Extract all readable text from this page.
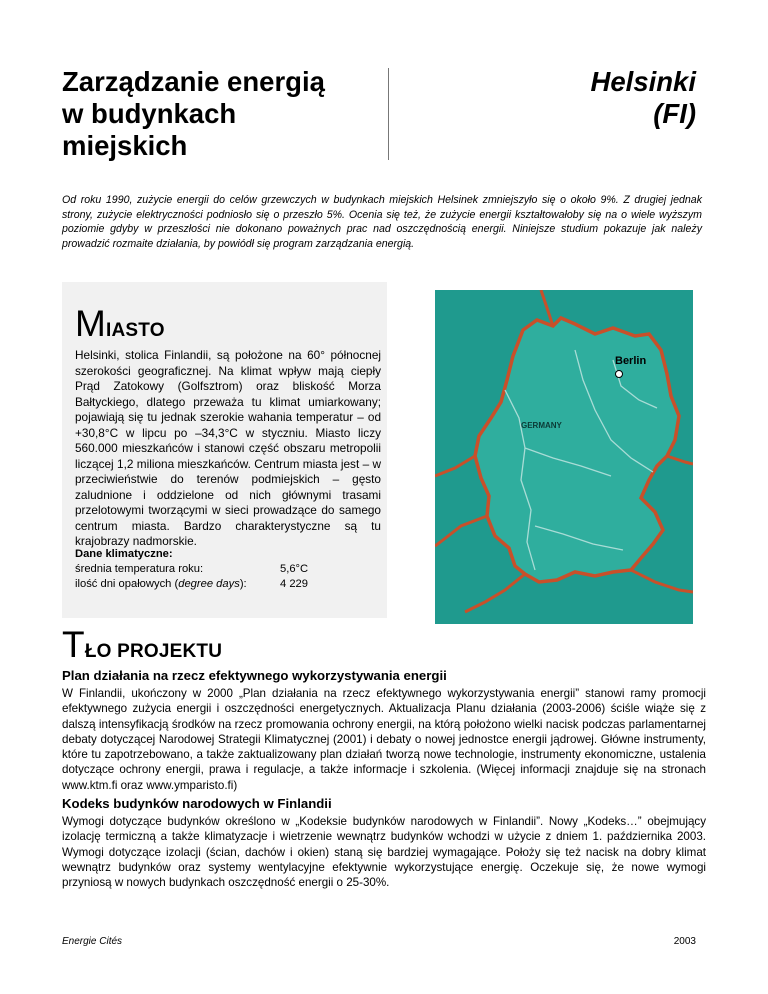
Zarządzanie energią
w budynkach
miejskich
Helsinki
(FI)

Od roku 1990, zużycie energii do celów grzewczych w budynkach miejskich Helsinek zmniejszyło się o około 9%. Z drugiej jednak strony, zużycie elektryczności podniosło się o przeszło 5%. Ocenia się też, że zużycie energii kształtowałoby się na o wiele wyższym poziomie gdyby w przeszłości nie dokonano poważnych prac nad oszczędnością energii. Niniejsze studium pokazuje jak należy prowadzić rozmaite działania, by powiódł się program zarządzania energią.

MIASTO

Helsinki, stolica Finlandii, są położone na 60° północnej szerokości geograficznej. Na klimat wpływ mają ciepły Prąd Zatokowy (Golfsztrom) oraz bliskość Morza Bałtyckiego, dlatego przeważa tu klimat umiarkowany; pojawiają się tu jednak szerokie wahania temperatur – od +30,8°C w lipcu po –34,3°C w styczniu. Miasto liczy 560.000 mieszkańców i stanowi część obszaru metropolii liczącej 1,2 miliona mieszkańców. Centrum miasta jest – w przeciwieństwie do terenów podmiejskich – gęsto zaludnione i oddzielone od nich głównymi trasami przelotowymi tworzącymi w sieci prowadzące do samego centrum miasta. Bardzo charakterystyczne są tu krajobrazy nadmorskie.

Dane klimatyczne:

średnia temperatura roku:	5,6°C
ilość dni opałowych (degree days):	4 229
Berlin
GERMANY
TŁO PROJEKTU
Plan działania na rzecz efektywnego wykorzystywania energii

W Finlandii, ukończony w 2000 „Plan działania na rzecz efektywnego wykorzystywania energii” stanowi ramy promocji efektywnego zużycia energii i oszczędności energetycznych. Aktualizacja Planu działania (2003-2006) ściśle wiąże się z dalszą intensyfikacją środków na rzecz promowania ochrony energii, na którą położono wielki nacisk podczas parlamentarnej debaty dotyczącej Narodowej Strategii Klimatycznej (2001) i debaty o nowej jednostce energii jądrowej. Główne instrumenty, które tu zapotrzebowano, a także zaktualizowany plan działań tworzą nowe technologie, instrumenty ekonomiczne, ustalenia dotyczące ochrony energii, prawa i regulacje, a także informacje i szkolenia. (Więcej informacji znajduje się na stronach www.ktm.fi oraz www.ymparisto.fi)

Kodeks budynków narodowych w Finlandii

Wymogi dotyczące budynków określono w „Kodeksie budynków narodowych w Finlandii”. Nowy „Kodeks…” obejmujący izolację termiczną a także klimatyzacje i wietrzenie wewnątrz budynków wchodzi w użycie z dniem 1. października 2003. Wymogi dotyczące izolacji (ścian, dachów i okien) staną się bardziej wymagające. Położy się też nacisk na dobry klimat wewnątrz budynków oraz systemy wentylacyjne efektywnie wykorzystujące energię. Oczekuje się, że nowe wymogi przyniosą w nowych budynkach oszczędność energii o 25-30%.

Energie Cités	2003
